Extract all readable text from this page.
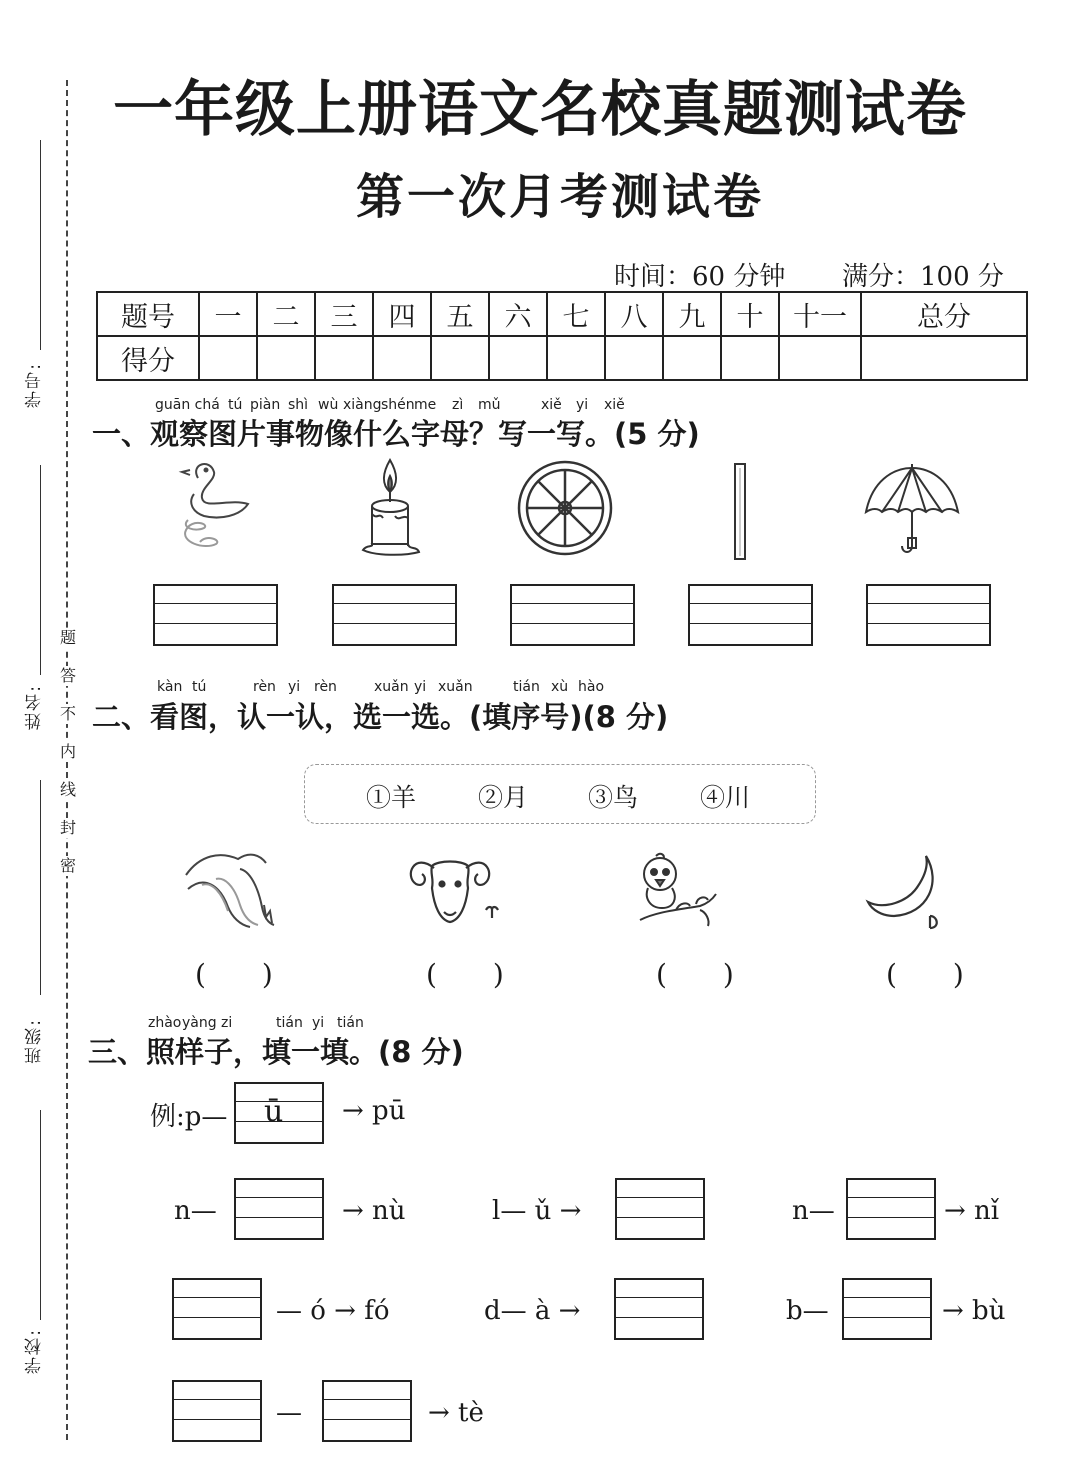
学号:
姓名:
班级:
学校:
题
答
不
内
线
封
密
一年级上册语文名校真题测试卷
第一次月考测试卷
时间：60 分钟 满分：100 分
题号	一	二	三	四	五	六	七	八	九	十	十一	总分
得分												
guān chá tú piàn shì wù xiàng shén me zì mǔ	xiě yi xiě
一、观察图片事物像什么字母？写一写。(5 分)
kàn tú	rèn yi rèn	xuǎn yi xuǎn	tián xù hào
二、看图，认一认，选一选。(填序号)(8 分)
①羊 ②月 ③鸟 ④川
(　　)	(　　)	(　　)	(　　)
zhào yàng zi	tián yi tián
三、照样子，填一填。(8 分)
例:p— ū → pū
n—	→ nù	l— ǔ →	n—	→ nǐ
— ó → fó	d— à →	b—	→ bù
—	→ tè
